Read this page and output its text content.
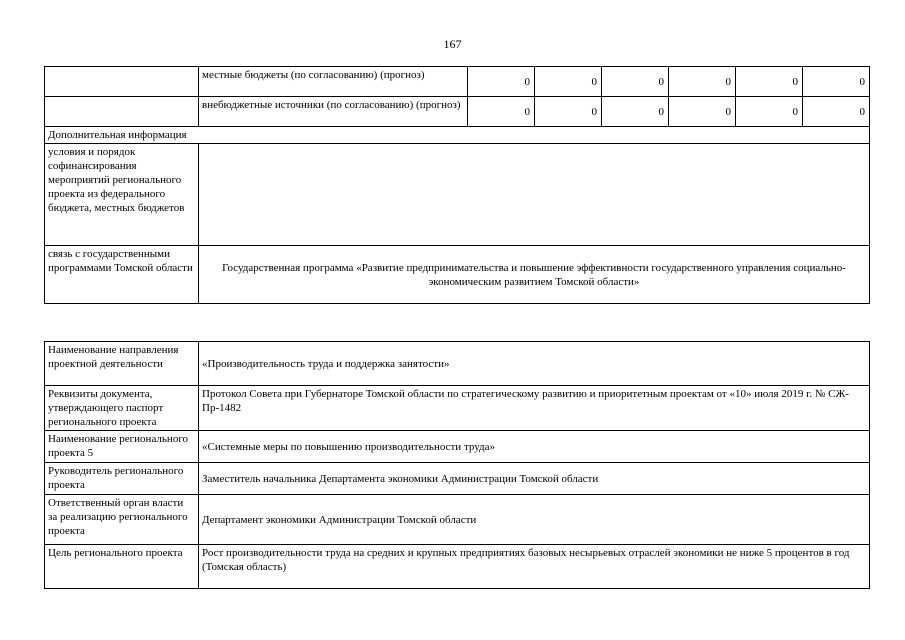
167
	местные бюджеты (по согласованию) (прогноз)	0	0	0	0	0	0
	внебюджетные источники (по согласованию) (прогноз)	0	0	0	0	0	0
Дополнительная информация							
условия и порядок софинансирования мероприятий регионального проекта из федерального бюджета, местных бюджетов							
связь с государственными программами Томской области	Государственная программа «Развитие предпринимательства и повышение эффективности государственного управления социально-экономическим развитием Томской области»						
Наименование направления проектной деятельности	«Производительность труда и поддержка занятости»
Реквизиты документа, утверждающего паспорт регионального проекта	Протокол Совета при Губернаторе Томской области по стратегическому развитию и приоритетным проектам от «10» июля 2019 г. № СЖ-Пр-1482
Наименование регионального проекта 5	«Системные меры по повышению производительности труда»
Руководитель регионального проекта	Заместитель начальника Департамента экономики Администрации Томской области
Ответственный орган власти за реализацию регионального проекта	Департамент экономики Администрации Томской области
Цель регионального проекта	Рост производительности труда на средних и крупных предприятиях базовых несырьевых отраслей экономики не ниже 5 процентов в год (Томская область)
